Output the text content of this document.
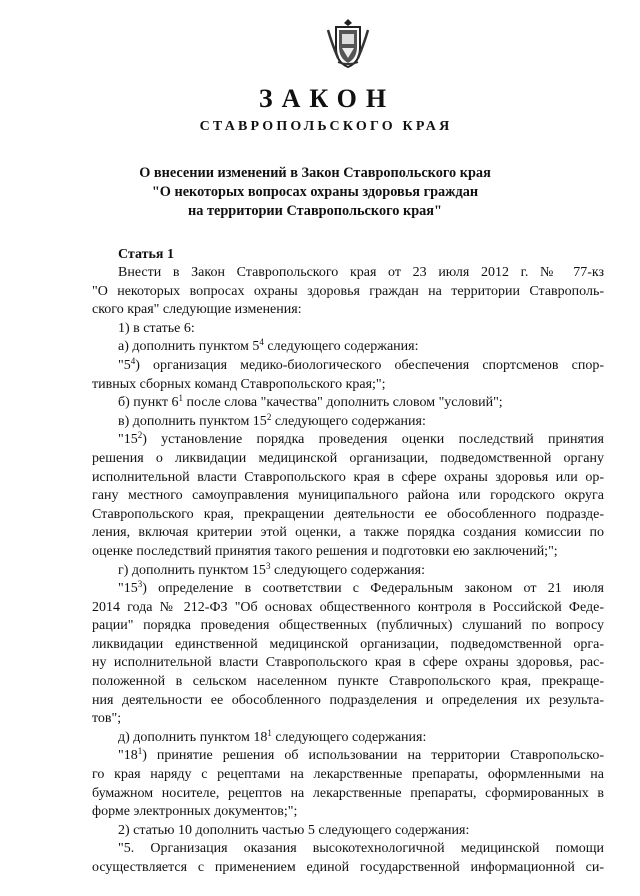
ЗАКОН
СТАВРОПОЛЬСКОГО КРАЯ
О внесении изменений в Закон Ставропольского края
"О некоторых вопросах охраны здоровья граждан
на территории Ставропольского края"
Статья 1
Внести в Закон Ставропольского края от 23 июля 2012 г. № 77-кз
"О некоторых вопросах охраны здоровья граждан на территории Ставрополь-
ского края" следующие изменения:
1) в статье 6:
а) дополнить пунктом $5^4$ следующего содержания:
"$5^4$) организация медико-биологического обеспечения спортсменов спор-
тивных сборных команд Ставропольского края;";
б) пункт $6^1$ после слова "качества" дополнить словом "условий";
в) дополнить пунктом $15^2$ следующего содержания:
"$15^2$) установление порядка проведения оценки последствий принятия
решения о ликвидации медицинской организации, подведомственной органу
исполнительной власти Ставропольского края в сфере охраны здоровья или ор-
гану местного самоуправления муниципального района или городского округа
Ставропольского края, прекращении деятельности ее обособленного подразде-
ления, включая критерии этой оценки, а также порядка создания комиссии по
оценке последствий принятия такого решения и подготовки ею заключений;";
г) дополнить пунктом $15^3$ следующего содержания:
"$15^3$) определение в соответствии с Федеральным законом от 21 июля
2014 года № 212-ФЗ "Об основах общественного контроля в Российской Феде-
рации" порядка проведения общественных (публичных) слушаний по вопросу
ликвидации единственной медицинской организации, подведомственной орга-
ну исполнительной власти Ставропольского края в сфере охраны здоровья, рас-
положенной в сельском населенном пункте Ставропольского края, прекраще-
ния деятельности ее обособленного подразделения и определения их результа-
тов";
д) дополнить пунктом $18^1$ следующего содержания:
"$18^1$) принятие решения об использовании на территории Ставропольско-
го края наряду с рецептами на лекарственные препараты, оформленными на
бумажном носителе, рецептов на лекарственные препараты, сформированных в
форме электронных документов;";
2) статью 10 дополнить частью 5 следующего содержания:
"5. Организация оказания высокотехнологичной медицинской помощи
осуществляется с применением единой государственной информационной си-
